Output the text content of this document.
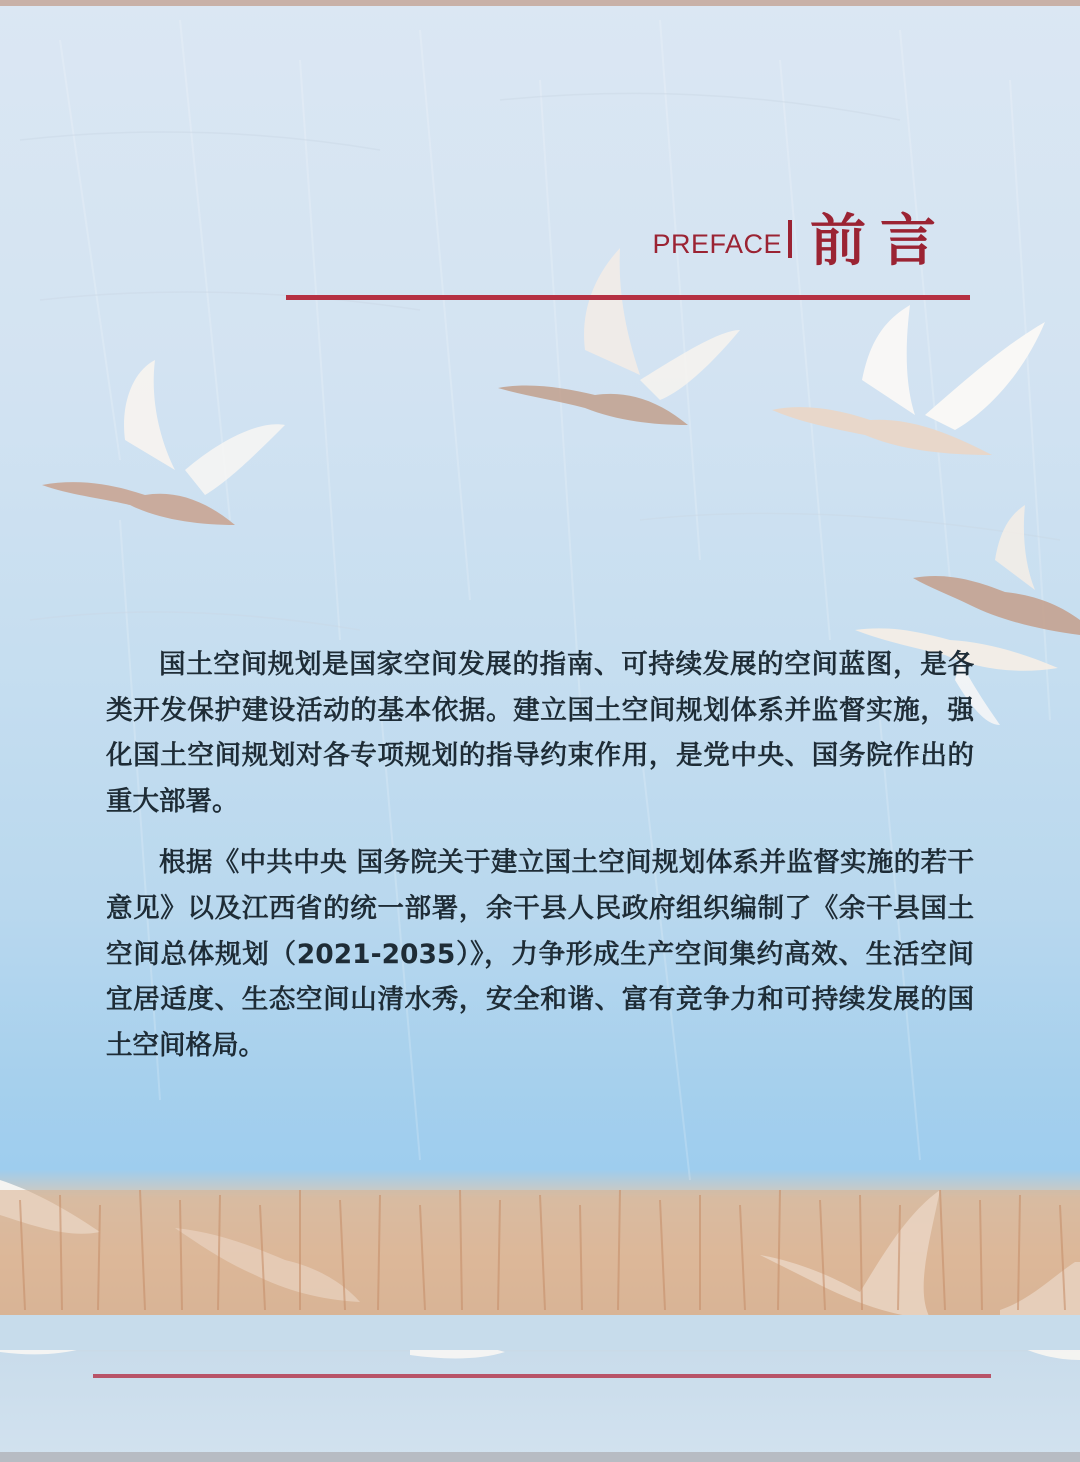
PREFACE 前言

国土空间规划是国家空间发展的指南、可持续发展的空间蓝图，是各类开发保护建设活动的基本依据。建立国土空间规划体系并监督实施，强化国土空间规划对各专项规划的指导约束作用，是党中央、国务院作出的重大部署。

根据《中共中央 国务院关于建立国土空间规划体系并监督实施的若干意见》以及江西省的统一部署，余干县人民政府组织编制了《余干县国土空间总体规划（2021-2035）》，力争形成生产空间集约高效、生活空间宜居适度、生态空间山清水秀，安全和谐、富有竞争力和可持续发展的国土空间格局。
